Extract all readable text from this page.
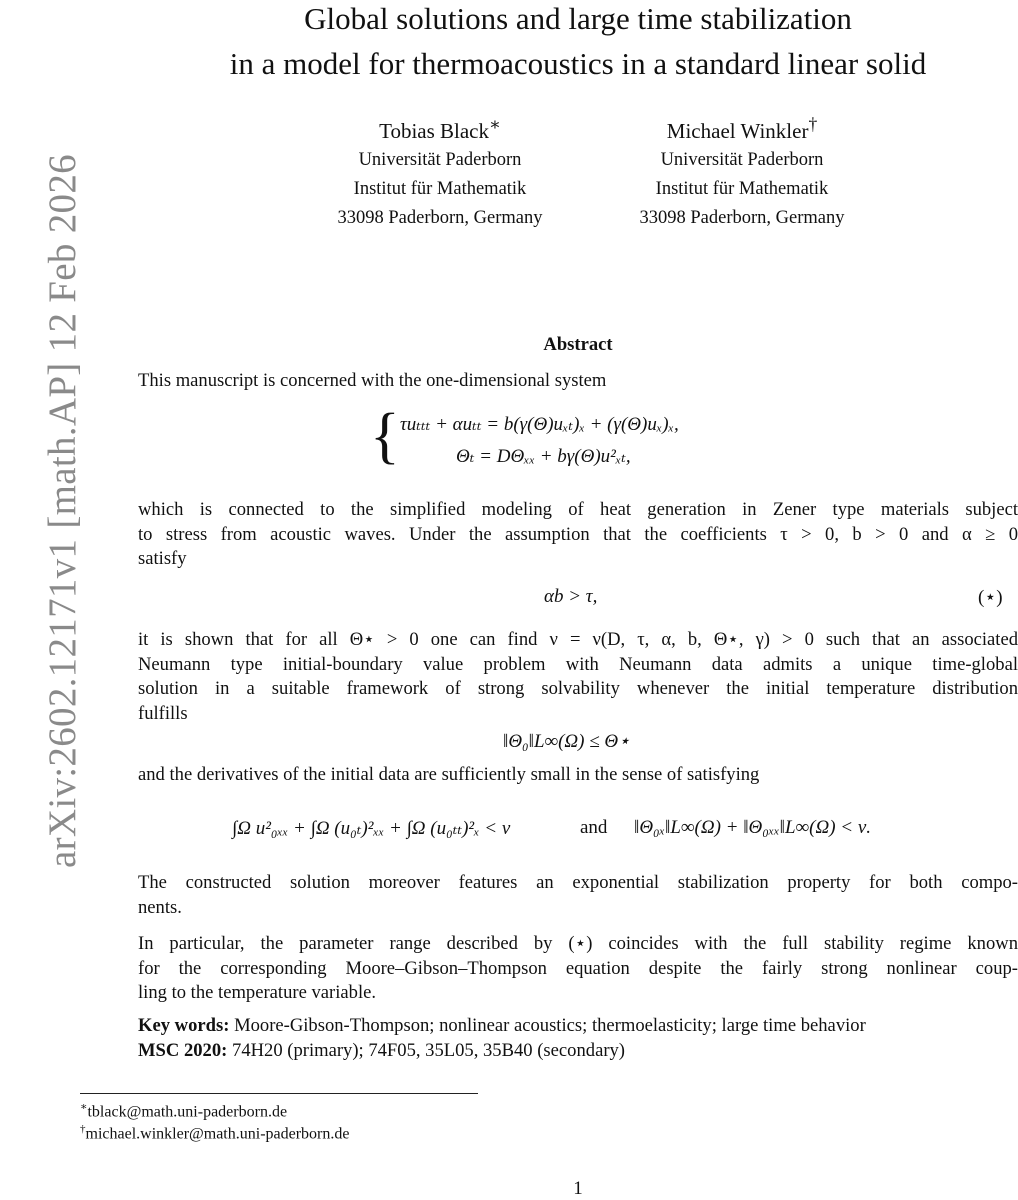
arXiv:2602.12171v1 [math.AP] 12 Feb 2026
Global solutions and large time stabilization
in a model for thermoacoustics in a standard linear solid
Tobias Black∗
Universität Paderborn
Institut für Mathematik
33098 Paderborn, Germany
Michael Winkler†
Universität Paderborn
Institut für Mathematik
33098 Paderborn, Germany
Abstract
This manuscript is concerned with the one-dimensional system
{ τuₜₜₜ + αuₜₜ = b(γ(Θ)uₓₜ)ₓ + (γ(Θ)uₓ)ₓ,
Θₜ = DΘₓₓ + bγ(Θ)u²ₓₜ,
which is connected to the simplified modeling of heat generation in Zener type materials subject
to stress from acoustic waves. Under the assumption that the coefficients τ > 0, b > 0 and α ≥ 0
satisfy
αb > τ,	(⋆)
it is shown that for all Θ⋆ > 0 one can find ν = ν(D, τ, α, b, Θ⋆, γ) > 0 such that an associated
Neumann type initial-boundary value problem with Neumann data admits a unique time-global
solution in a suitable framework of strong solvability whenever the initial temperature distribution
fulfills
‖Θ₀‖L∞(Ω) ≤ Θ⋆
and the derivatives of the initial data are sufficiently small in the sense of satisfying
∫Ω u²₀ₓₓ + ∫Ω (u₀ₜ)²ₓₓ + ∫Ω (u₀ₜₜ)²ₓ < ν	and ‖Θ₀ₓ‖L∞(Ω) + ‖Θ₀ₓₓ‖L∞(Ω) < ν.
The constructed solution moreover features an exponential stabilization property for both compo-
nents.
In particular, the parameter range described by (⋆) coincides with the full stability regime known
for the corresponding Moore–Gibson–Thompson equation despite the fairly strong nonlinear coup-
ling to the temperature variable.
Key words: Moore-Gibson-Thompson; nonlinear acoustics; thermoelasticity; large time behavior
MSC 2020: 74H20 (primary); 74F05, 35L05, 35B40 (secondary)
∗tblack@math.uni-paderborn.de
†michael.winkler@math.uni-paderborn.de
1
